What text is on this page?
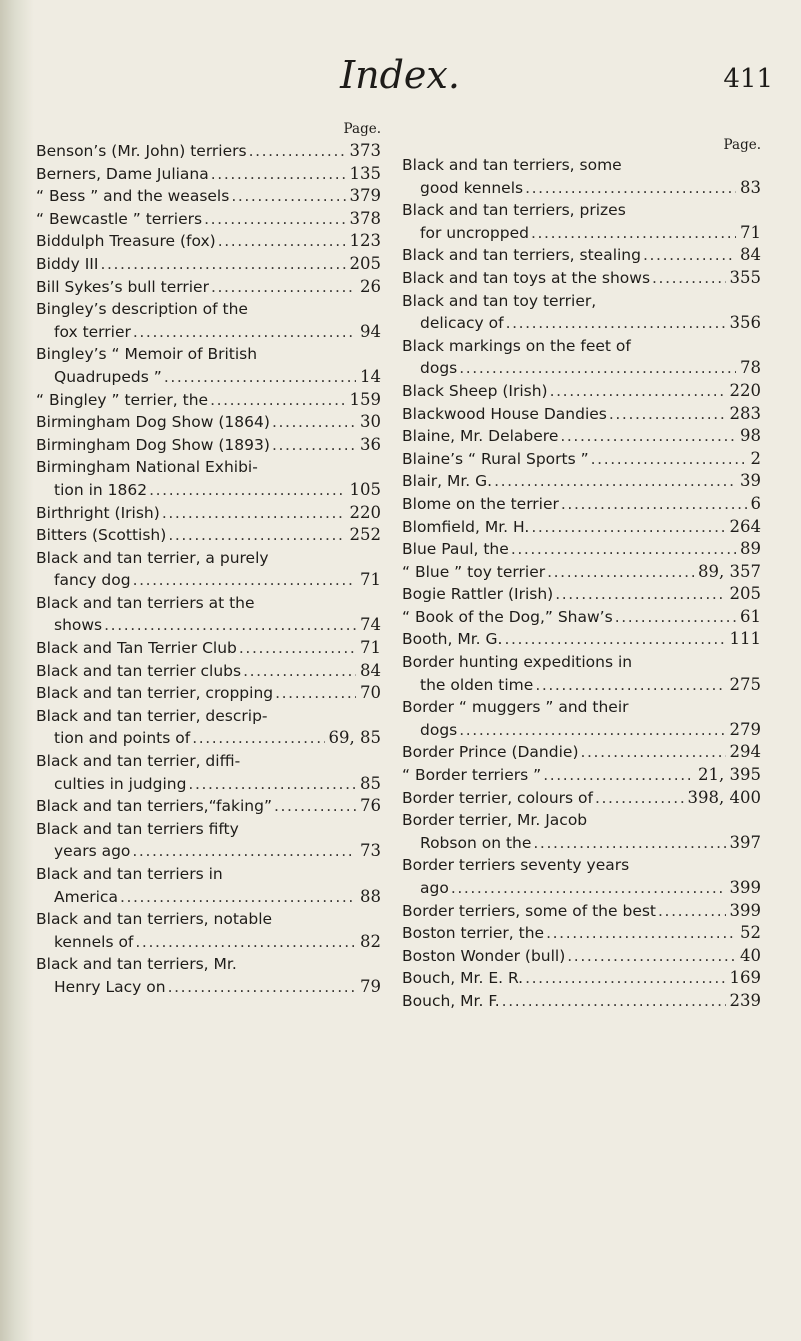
Index.	411
Page.
Benson’s (Mr. John) terriers .....	373
Berners, Dame Juliana .....	135
“ Bess ” and the weasels .....	379
“ Bewcastle ” terriers .....	378
Biddulph Treasure (fox) .....	123
Biddy III .....	205
Bill Sykes’s bull terrier .....	26
Bingley’s description of the
fox terrier .....	94
Bingley’s “ Memoir of British
Quadrupeds ” .....	14
“ Bingley ” terrier, the .....	159
Birmingham Dog Show (1864) .....	30
Birmingham Dog Show (1893) .....	36
Birmingham National Exhibi-
tion in 1862 .....	105
Birthright (Irish) .....	220
Bitters (Scottish) .....	252
Black and tan terrier, a purely
fancy dog .....	71
Black and tan terriers at the
shows .....	74
Black and Tan Terrier Club .....	71
Black and tan terrier clubs .....	84
Black and tan terrier, cropping .....	70
Black and tan terrier, descrip-
tion and points of .....	69, 85
Black and tan terrier, diffi-
culties in judging .....	85
Black and tan terriers,“faking” .....	76
Black and tan terriers fifty
years ago .....	73
Black and tan terriers in
America .....	88
Black and tan terriers, notable
kennels of .....	82
Black and tan terriers, Mr.
Henry Lacy on .....	79
Page.
Black and tan terriers, some
good kennels .....	83
Black and tan terriers, prizes
for uncropped .....	71
Black and tan terriers, stealing .....	84
Black and tan toys at the shows .....	355
Black and tan toy terrier,
delicacy of .....	356
Black markings on the feet of
dogs .....	78
Black Sheep (Irish) .....	220
Blackwood House Dandies .....	283
Blaine, Mr. Delabere .....	98
Blaine’s “ Rural Sports ” .....	2
Blair, Mr. G. .....	39
Blome on the terrier .....	6
Blomfield, Mr. H. .....	264
Blue Paul, the .....	89
“ Blue ” toy terrier .....	89, 357
Bogie Rattler (Irish) .....	205
“ Book of the Dog,” Shaw’s .....	61
Booth, Mr. G. .....	111
Border hunting expeditions in
the olden time .....	275
Border “ muggers ” and their
dogs .....	279
Border Prince (Dandie) .....	294
“ Border terriers ” .....	21, 395
Border terrier, colours of .....	398, 400
Border terrier, Mr. Jacob
Robson on the .....	397
Border terriers seventy years
ago .....	399
Border terriers, some of the best .....	399
Boston terrier, the .....	52
Boston Wonder (bull) .....	40
Bouch, Mr. E. R. .....	169
Bouch, Mr. F. .....	239
